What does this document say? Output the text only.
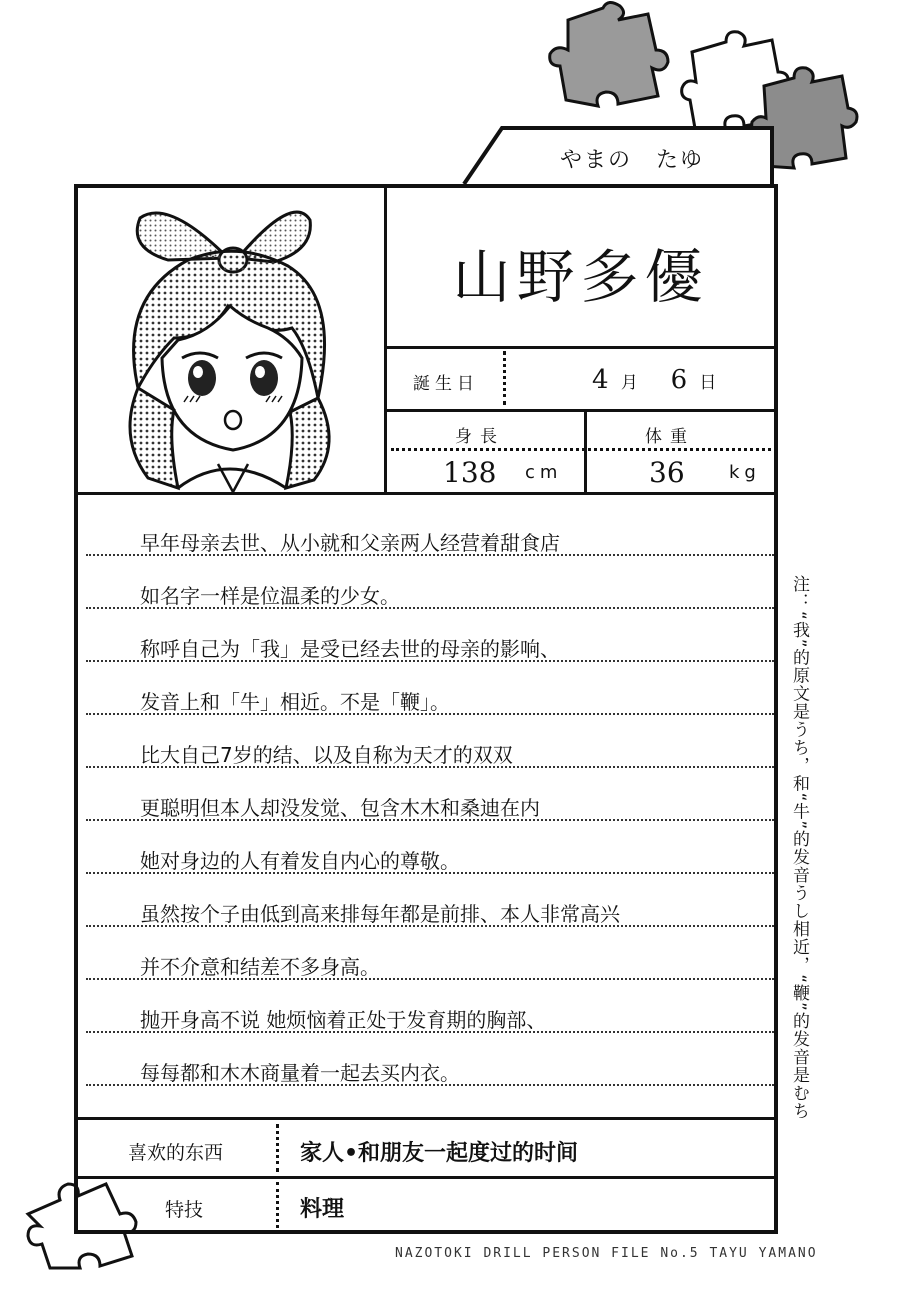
やまの　たゆ
山野多優
誕生日	4 月 6 日
身長
138 cm
体重
36 kg
早年母亲去世、从小就和父亲两人经营着甜食店
如名字一样是位温柔的少女。
称呼自己为「我」是受已经去世的母亲的影响、
发音上和「牛」相近。不是「鞭」。
比大自己7岁的结、以及自称为天才的双双
更聪明但本人却没发觉、包含木木和桑迪在内
她对身边的人有着发自内心的尊敬。
虽然按个子由低到高来排每年都是前排、本人非常高兴
并不介意和结差不多身高。
抛开身高不说 她烦恼着正处于发育期的胸部、
每每都和木木商量着一起去买内衣。
喜欢的东西	家人•和朋友一起度过的时间
特技	料理
注：“我”的原文是うち，和“牛”的发音うし相近，“鞭”的发音是むち
NAZOTOKI DRILL PERSON FILE No.5 TAYU YAMANO
